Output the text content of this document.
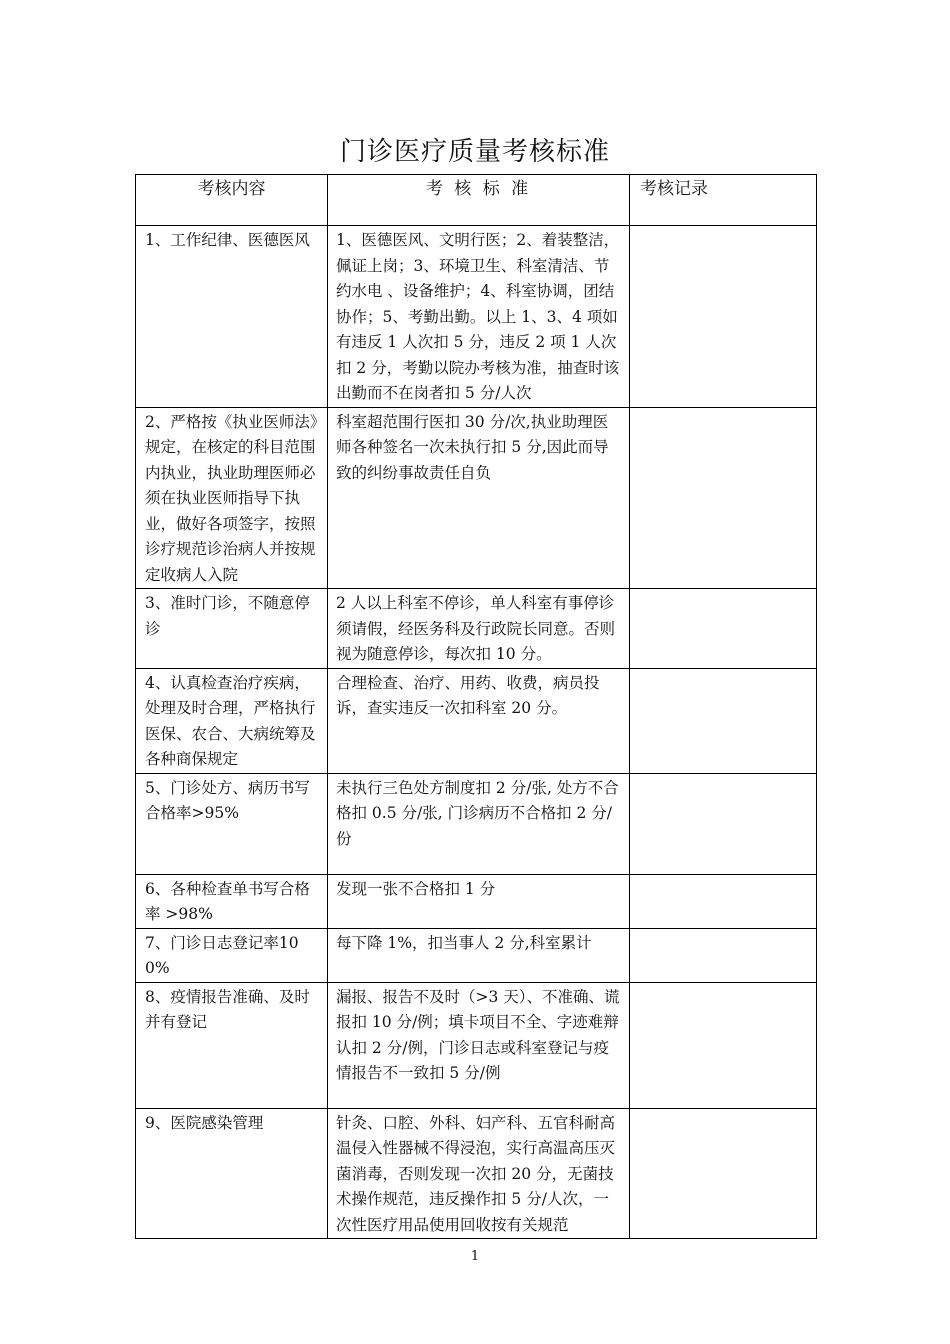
门诊医疗质量考核标准
考核内容	考 核 标 准	考核记录
1、工作纪律、医德医风	1、医德医风、文明行医；2、着装整洁，佩证上岗；3、环境卫生、科室清洁、节约水电 、设备维护；4、科室协调，团结协作；5、考勤出勤。以上 1、3、4 项如有违反 1 人次扣 5 分，违反 2 项 1 人次扣 2 分，考勤以院办考核为准，抽查时该出勤而不在岗者扣 5 分/人次	
2、严格按《执业医师法》规定，在核定的科目范围内执业，执业助理医师必须在执业医师指导下执业，做好各项签字，按照诊疗规范诊治病人并按规定收病人入院	科室超范围行医扣 30 分/次,执业助理医师各种签名一次未执行扣 5 分,因此而导致的纠纷事故责任自负	
3、准时门诊，不随意停诊	2 人以上科室不停诊，单人科室有事停诊须请假，经医务科及行政院长同意。否则视为随意停诊，每次扣 10 分。	
4、认真检查治疗疾病，处理及时合理，严格执行医保、农合、大病统筹及各种商保规定	合理检查、治疗、用药、收费，病员投诉，查实违反一次扣科室 20 分。	
5、门诊处方、病历书写合格率>95%	未执行三色处方制度扣 2 分/张, 处方不合格扣 0.5 分/张, 门诊病历不合格扣 2 分/份	
6、各种检查单书写合格率 >98%	发现一张不合格扣 1 分	
7、门诊日志登记率100%	每下降 1%，扣当事人 2 分,科室累计	
8、疫情报告准确、及时并有登记	漏报、报告不及时（>3 天）、不准确、谎报扣 10 分/例；填卡项目不全、字迹难辩认扣 2 分/例，门诊日志或科室登记与疫情报告不一致扣 5 分/例	
9、医院感染管理	针灸、口腔、外科、妇产科、五官科耐高温侵入性器械不得浸泡，实行高温高压灭菌消毒，否则发现一次扣 20 分，无菌技术操作规范，违反操作扣 5 分/人次，一次性医疗用品使用回收按有关规范	
1
